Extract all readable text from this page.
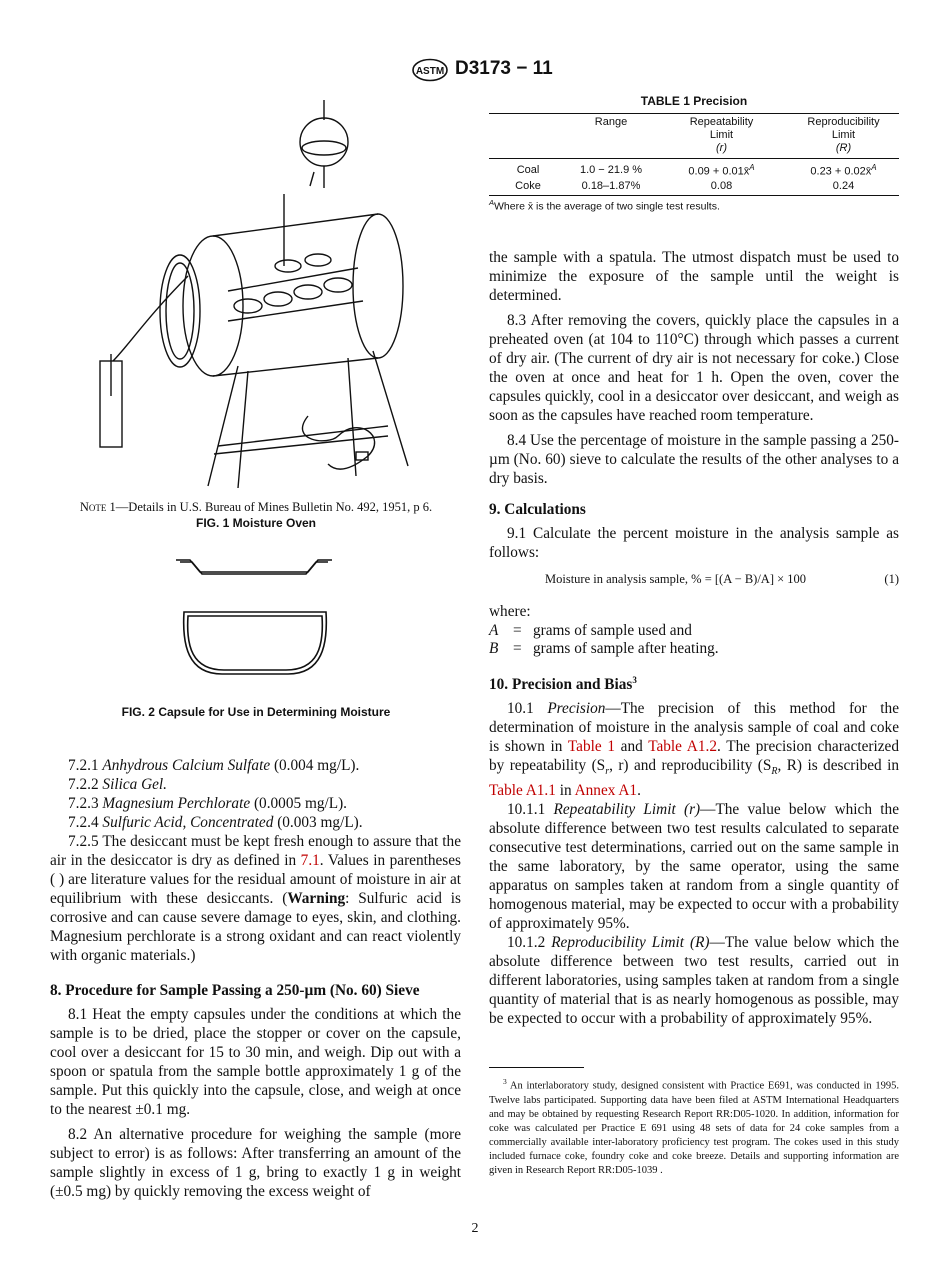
ASTM D3173 − 11
Note 1—Details in U.S. Bureau of Mines Bulletin No. 492, 1951, p 6.
FIG. 1 Moisture Oven
FIG. 2 Capsule for Use in Determining Moisture

7.2.1 Anhydrous Calcium Sulfate (0.004 mg/L).

7.2.2 Silica Gel.

7.2.3 Magnesium Perchlorate (0.0005 mg/L).

7.2.4 Sulfuric Acid, Concentrated (0.003 mg/L).

7.2.5 The desiccant must be kept fresh enough to assure that the air in the desiccator is dry as defined in 7.1. Values in parentheses ( ) are literature values for the residual amount of moisture in air at equilibrium with these desiccants. (Warning: Sulfuric acid is corrosive and can cause severe damage to eyes, skin, and clothing. Magnesium perchlorate is a strong oxidant and can react violently with organic materials.)

8. Procedure for Sample Passing a 250-µm (No. 60) Sieve

8.1 Heat the empty capsules under the conditions at which the sample is to be dried, place the stopper or cover on the capsule, cool over a desiccant for 15 to 30 min, and weigh. Dip out with a spoon or spatula from the sample bottle approximately 1 g of the sample. Put this quickly into the capsule, close, and weigh at once to the nearest ±0.1 mg.

8.2 An alternative procedure for weighing the sample (more subject to error) is as follows: After transferring an amount of the sample slightly in excess of 1 g, bring to exactly 1 g in weight (±0.5 mg) by quickly removing the excess weight of

TABLE 1 Precision
	Range	Repeatability
Limit
(r)	Reproducibility
Limit
(R)
Coal	1.0 − 21.9 %	0.09 + 0.01x̄$^A$	0.23 + 0.02x̄$^A$
Coke	0.18–1.87%	0.08	0.24
$^A$Where x̄ is the average of two single test results.

the sample with a spatula. The utmost dispatch must be used to minimize the exposure of the sample until the weight is determined.

8.3 After removing the covers, quickly place the capsules in a preheated oven (at 104 to 110°C) through which passes a current of dry air. (The current of dry air is not necessary for coke.) Close the oven at once and heat for 1 h. Open the oven, cover the capsules quickly, cool in a desiccator over desiccant, and weigh as soon as the capsules have reached room temperature.

8.4 Use the percentage of moisture in the sample passing a 250-µm (No. 60) sieve to calculate the results of the other analyses to a dry basis.

9. Calculations

9.1 Calculate the percent moisture in the analysis sample as follows:

Moisture in analysis sample, % = [(A − B)/A] × 100	(1)
where:
A = grams of sample used and
B = grams of sample after heating.
10. Precision and Bias$^3$

10.1 Precision—The precision of this method for the determination of moisture in the analysis sample of coal and coke is shown in Table 1 and Table A1.2. The precision characterized by repeatability ($S_r$, r) and reproducibility ($S_R$, R) is described in Table A1.1 in Annex A1.

10.1.1 Repeatability Limit (r)—The value below which the absolute difference between two test results calculated to separate consecutive test determinations, carried out on the same sample in the same laboratory, by the same operator, using the same apparatus on samples taken at random from a single quantity of homogenous material, may be expected to occur with a probability of approximately 95%.

10.1.2 Reproducibility Limit (R)—The value below which the absolute difference between two test results, carried out in different laboratories, using samples taken at random from a single quantity of material that is as nearly homogenous as possible, may be expected to occur with a probability of approximately 95%.

$^3$ An interlaboratory study, designed consistent with Practice E691, was conducted in 1995. Twelve labs participated. Supporting data have been filed at ASTM International Headquarters and may be obtained by requesting Research Report RR:D05-1020. In addition, information for coke was calculated per Practice E 691 using 48 sets of data for 24 coke samples from a commercially available inter-laboratory proficiency test program. The cokes used in this study included furnace coke, foundry coke and coke breeze. Details and supporting information are given in Research Report RR:D05-1039 .
2
